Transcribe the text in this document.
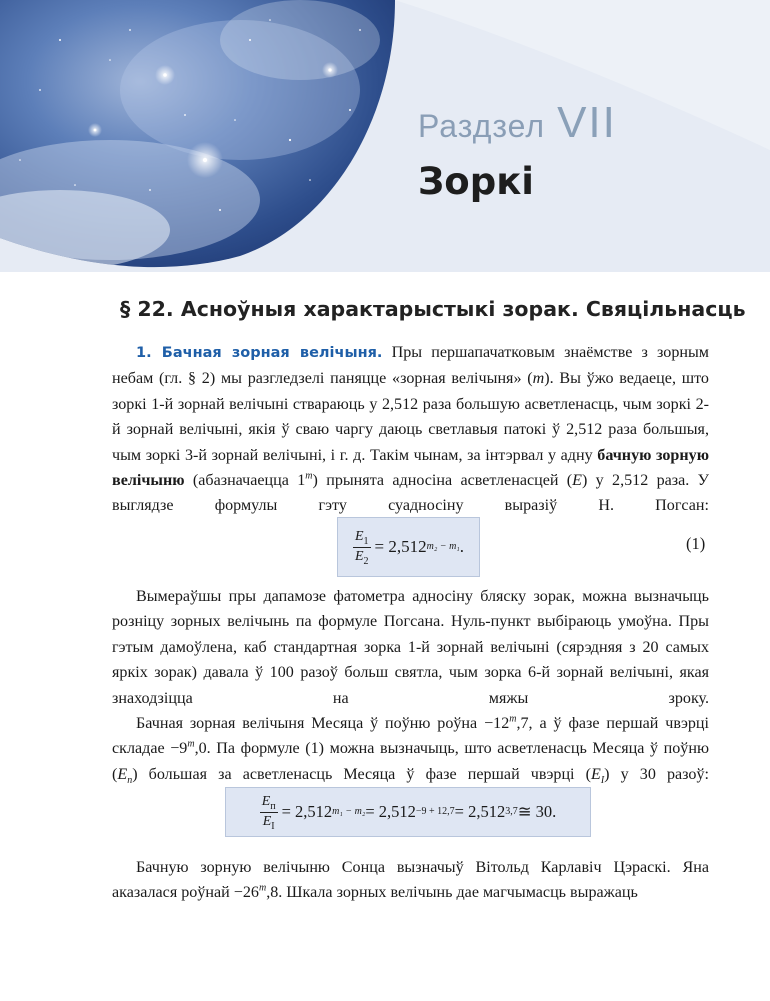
Раздзел VII
Зоркі
§ 22. Асноўныя характарыстыкі зорак. Свяцільнасць

1. Бачная зорная велічыня. Пры першапачатковым знаёмстве з зорным небам (гл. § 2) мы разгледзелі паняцце «зорная велічыня» (m). Вы ўжо ведаеце, што зоркі 1-й зорнай велічыні ствараюць у 2,512 раза большую асветленасць, чым зоркі 2-й зорнай велічыні, якія ў сваю чаргу даюць светлавыя патокі ў 2,512 раза большыя, чым зоркі 3-й зорнай велічыні, і г. д. Такім чынам, за інтэрвал у адну бачную зорную велічыню (абазначаецца 1$^m$) прынята адносіна асветленасцей (E) у 2,512 раза. У выглядзе формулы гэту суадносіну выразіў Н. Погсан:

$\frac{E_1}{E_2} = 2,512$ m₂ − m₁ .	(1)

Вымераўшы пры дапамозе фатометра адносіну бляску зорак, можна вызначыць розніцу зорных велічынь па формуле Погсана. Нуль-пункт выбіраюць умоўна. Пры гэтым дамоўлена, каб стандартная зорка 1-й зорнай велічыні (сярэдняя з 20 самых яркіх зорак) давала ў 100 разоў больш святла, чым зорка 6-й зорнай велічыні, якая знаходзіцца на мяжы зроку.

Бачная зорная велічыня Месяца ў поўню роўна $-12^m,7$, а ў фазе першай чвэрці складае $-9^m,0$. Па формуле (1) можна вызначыць, што асветленасць Месяца ў поўню $(E_п)$ большая за асветленасць Месяца ў фазе першай чвэрці $(E_I)$ у 30 разоў:

$\frac{E_п}{E_I} = 2,512$ m₁ − m₂ = 2,512 −9 + 12,7 = 2,512 3,7 ≅ 30.

Бачную зорную велічыню Сонца вызначыў Вітольд Карлавіч Цэраскі. Яна аказалася роўнай $-26^m,8$. Шкала зорных велічынь дае магчымасць выражаць
